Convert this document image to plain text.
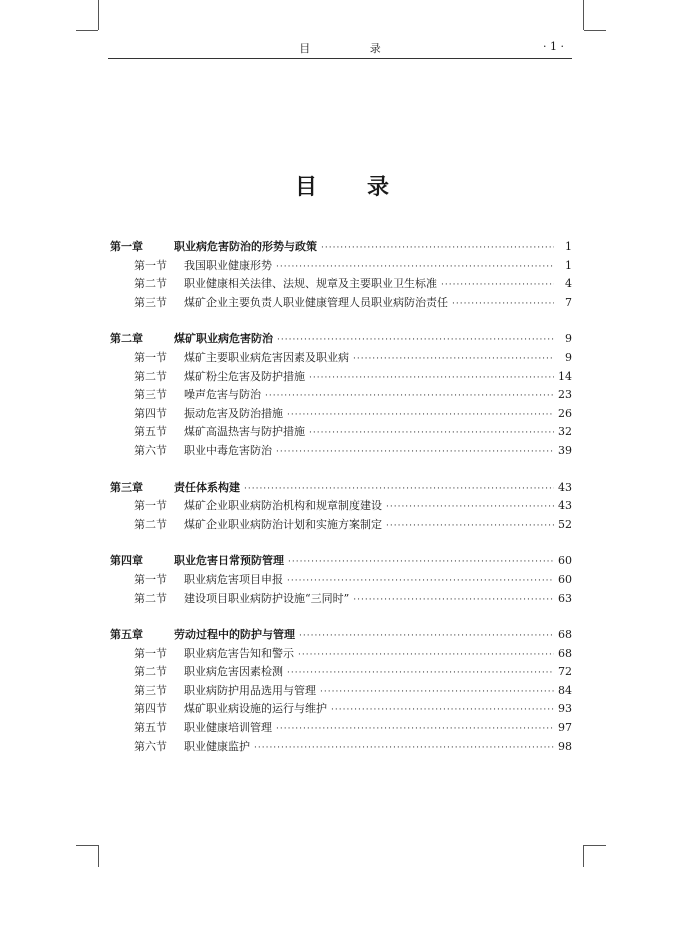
目 录	· 1 ·
目录
第一章	职业病危害防治的形势与政策 ·····	1
第一节	我国职业健康形势 ·····	1
第二节	职业健康相关法律、法规、规章及主要职业卫生标准 ·····	4
第三节	煤矿企业主要负责人职业健康管理人员职业病防治责任 ·····	7
第二章	煤矿职业病危害防治 ·····	9
第一节	煤矿主要职业病危害因素及职业病 ·····	9
第二节	煤矿粉尘危害及防护措施 ·····	14
第三节	噪声危害与防治 ·····	23
第四节	振动危害及防治措施 ·····	26
第五节	煤矿高温热害与防护措施 ·····	32
第六节	职业中毒危害防治 ·····	39
第三章	责任体系构建 ·····	43
第一节	煤矿企业职业病防治机构和规章制度建设 ·····	43
第二节	煤矿企业职业病防治计划和实施方案制定 ·····	52
第四章	职业危害日常预防管理 ·····	60
第一节	职业病危害项目申报 ·····	60
第二节	建设项目职业病防护设施“三同时” ·····	63
第五章	劳动过程中的防护与管理 ·····	68
第一节	职业病危害告知和警示 ·····	68
第二节	职业病危害因素检测 ·····	72
第三节	职业病防护用品选用与管理 ·····	84
第四节	煤矿职业病设施的运行与维护 ·····	93
第五节	职业健康培训管理 ·····	97
第六节	职业健康监护 ·····	98
